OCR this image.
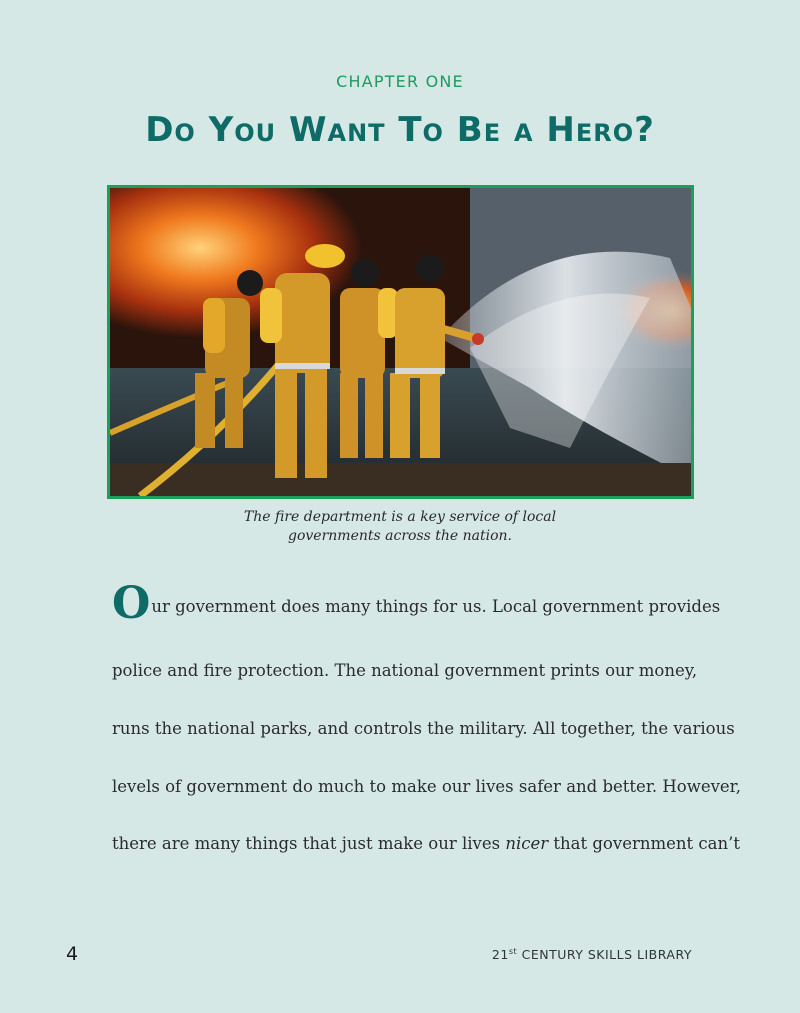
CHAPTER ONE
Do You Want To Be a Hero?
The fire department is a key service of local
governments across the nation.
Our government does many things for us. Local government provides
police and fire protection. The national government prints our money,
runs the national parks, and controls the military. All together, the various
levels of government do much to make our lives safer and better. However,
there are many things that just make our lives nicer that government can’t
4	21st CENTURY SKILLS LIBRARY
